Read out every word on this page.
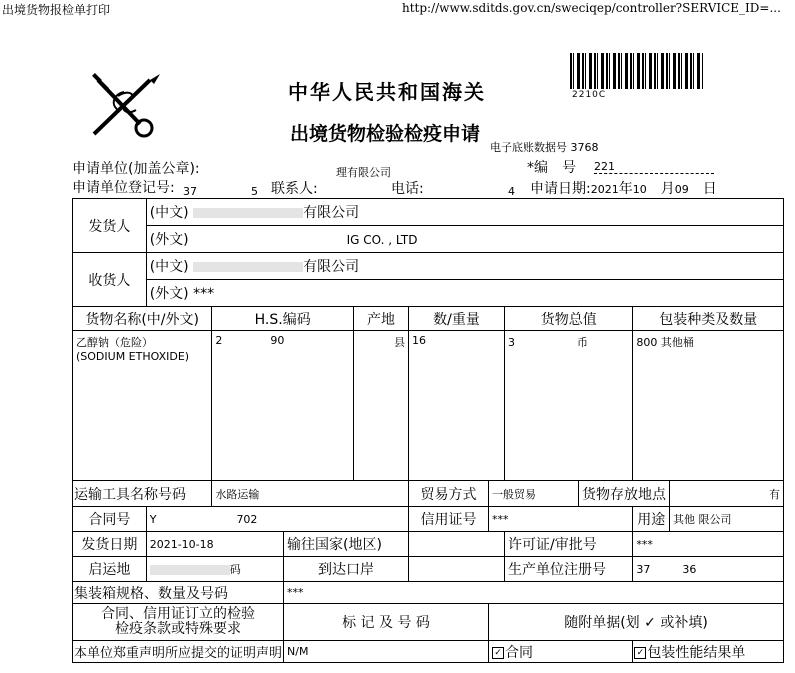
出境货物报检单打印	http://www.sditds.gov.cn/sweciqep/controller?SERVICE_ID=...
中华人民共和国海关
出境货物检验检疫申请
2210C
电子底账数据号 3768
申请单位(加盖公章):	理有限公司	*编　号 221
申请单位登记号: 37	5 联系人:	电话:	4 申请日期:2021年10　 月09　 日
发货人	(中文) 有限公司									
	(外文) IG CO. , LTD									
收货人	(中文) 有限公司									
	(外文) ***									
货物名称(中/外文)		H.S.编码		产地	数/重量		货物总值		包装种类及数量	

乙醇钠（危险）
(SODIUM ETHOXIDE)		2 90		县	16		3 币		800 其他桶	
运输工具名称号码		水路运输			贸易方式	一般贸易		货物存放地点		有
合同号	Y 702				信用证号	***			用途	其他 限公司
发货日期	2021-10-18		输往国家(地区)				许可证/审批号		***	
启运地	码		到达口岸				生产单位注册号		37 36	
集装箱规格、数量及号码			***							

合同、信用证订立的检验
检疫条款或特殊要求			标 记 及 号 码			随附单据(划 ✓ 或补填)				
本单位郑重声明所应提交的证明声明			N/M			✓ 合同			✓ 包装性能结果单	
